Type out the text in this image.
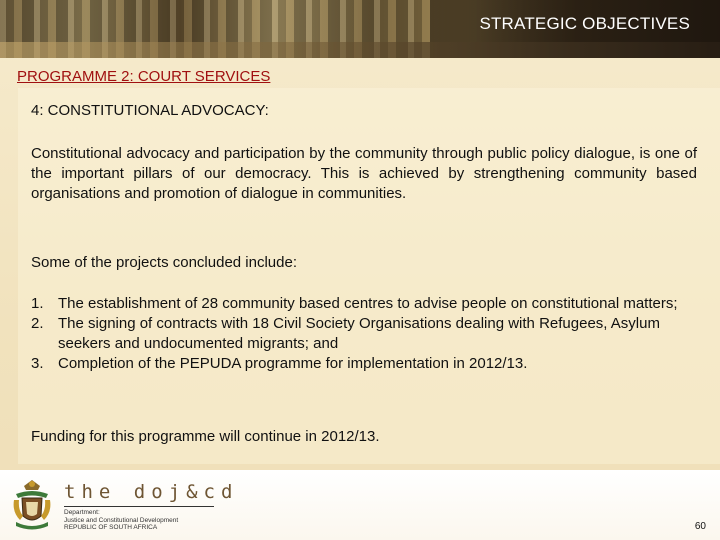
STRATEGIC OBJECTIVES
PROGRAMME 2: COURT SERVICES
4: CONSTITUTIONAL ADVOCACY:

Constitutional advocacy and participation by the community through public policy dialogue, is one of the important pillars of our democracy. This is achieved by strengthening community based organisations and promotion of dialogue in communities.

Some of the projects concluded include:
1. The establishment of 28 community based centres to advise people on constitutional matters;
2. The signing of contracts with 18 Civil Society Organisations dealing with Refugees, Asylum seekers and undocumented migrants; and
3. Completion of the PEPUDA programme for implementation in 2012/13.
Funding for this programme will continue in 2012/13.
the doj&cd
Department:
Justice and Constitutional Development
REPUBLIC OF SOUTH AFRICA	60
